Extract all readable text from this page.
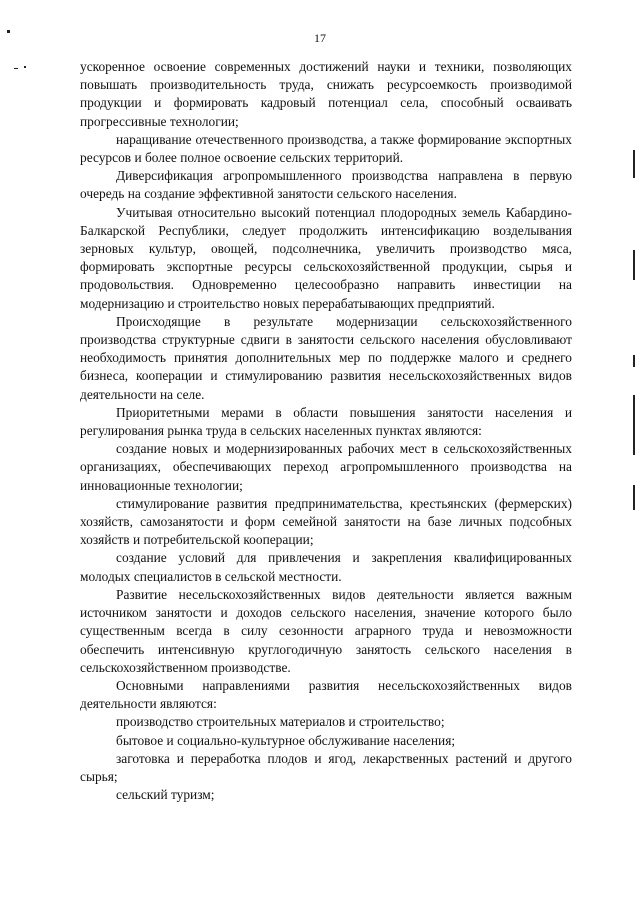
17

ускоренное освоение современных достижений науки и техники, позволяющих повышать производительность труда, снижать ресурсоемкость производимой продукции и формировать кадровый потенциал села, способный осваивать прогрессивные технологии;

наращивание отечественного производства, а также формирование экспортных ресурсов и более полное освоение сельских территорий.

Диверсификация агропромышленного производства направлена в первую очередь на создание эффективной занятости сельского населения.

Учитывая относительно высокий потенциал плодородных земель Кабардино-Балкарской Республики, следует продолжить интенсификацию возделывания зерновых культур, овощей, подсолнечника, увеличить производство мяса, формировать экспортные ресурсы сельскохозяйственной продукции, сырья и продовольствия. Одновременно целесообразно направить инвестиции на модернизацию и строительство новых перерабатывающих предприятий.

Происходящие в результате модернизации сельскохозяйственного производства структурные сдвиги в занятости сельского населения обусловливают необходимость принятия дополнительных мер по поддержке малого и среднего бизнеса, кооперации и стимулированию развития несельскохозяйственных видов деятельности на селе.

Приоритетными мерами в области повышения занятости населения и регулирования рынка труда в сельских населенных пунктах являются:

создание новых и модернизированных рабочих мест в сельскохозяйственных организациях, обеспечивающих переход агропромышленного производства на инновационные технологии;

стимулирование развития предпринимательства, крестьянских (фермерских) хозяйств, самозанятости и форм семейной занятости на базе личных подсобных хозяйств и потребительской кооперации;

создание условий для привлечения и закрепления квалифицированных молодых специалистов в сельской местности.

Развитие несельскохозяйственных видов деятельности является важным источником занятости и доходов сельского населения, значение которого было существенным всегда в силу сезонности аграрного труда и невозможности обеспечить интенсивную круглогодичную занятость сельского населения в сельскохозяйственном производстве.

Основными направлениями развития несельскохозяйственных видов деятельности являются:

производство строительных материалов и строительство;

бытовое и социально-культурное обслуживание населения;

заготовка и переработка плодов и ягод, лекарственных растений и другого сырья;

сельский туризм;
